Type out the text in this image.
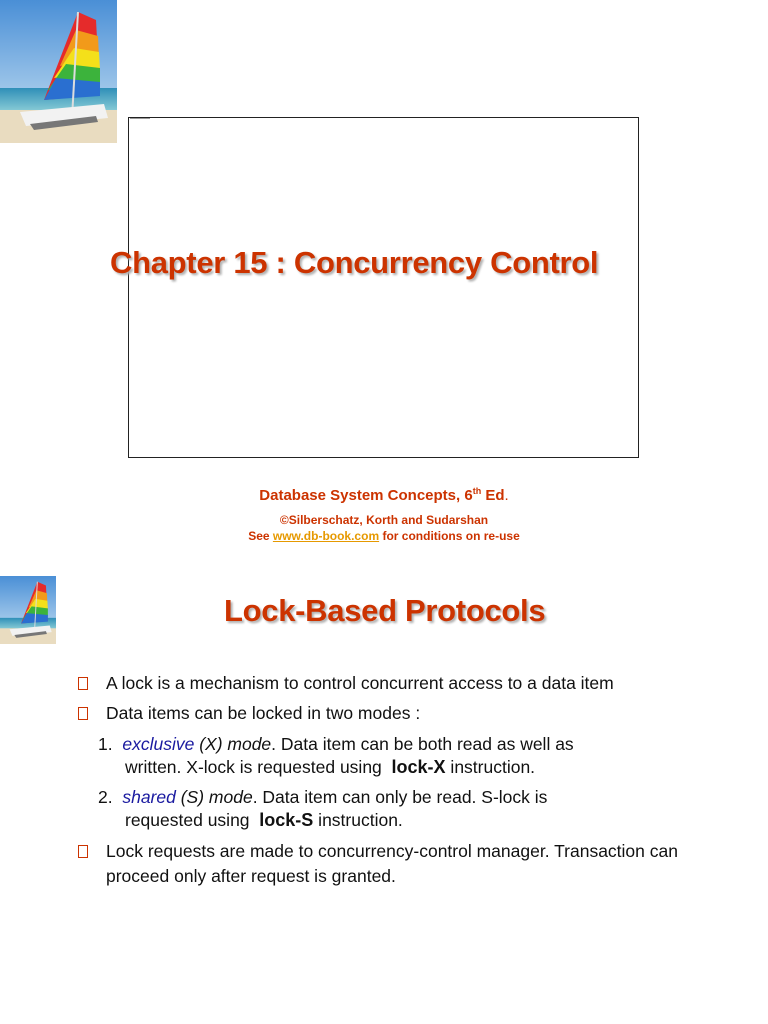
Chapter 15 : Concurrency Control
Database System Concepts, 6th Ed.
©Silberschatz, Korth and Sudarshan
See www.db-book.com for conditions on re-use
Lock-Based Protocols
A lock is a mechanism to control concurrent access to a data item
Data items can be locked in two modes :
1. exclusive (X) mode. Data item can be both read as well as
written. X-lock is requested using  lock-X instruction.
2. shared (S) mode. Data item can only be read. S-lock is
requested using  lock-S instruction.
Lock requests are made to concurrency-control manager. Transaction can
proceed only after request is granted.
